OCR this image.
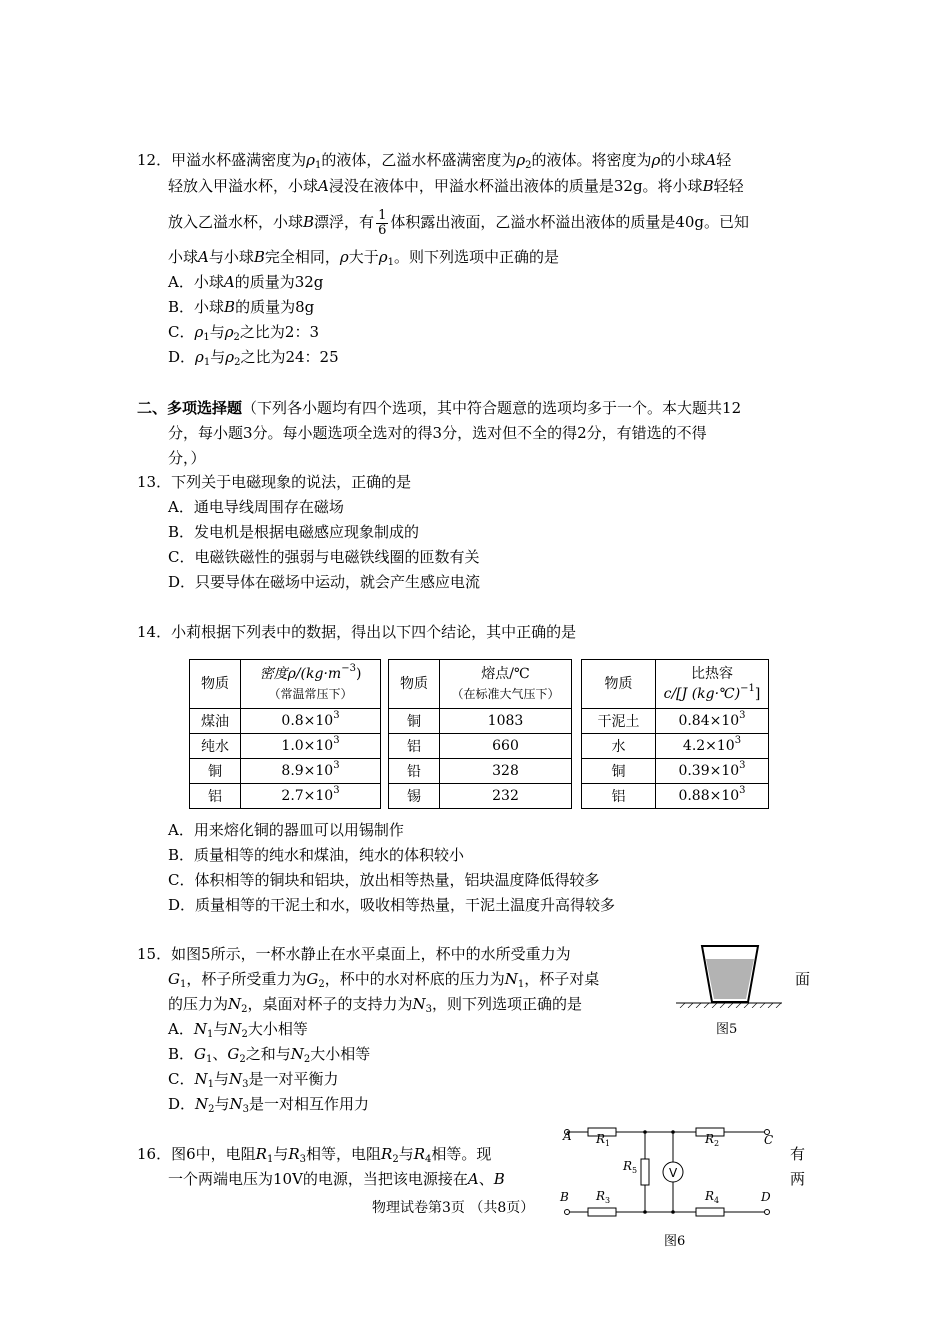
12．甲溢水杯盛满密度为$\rho_1$的液体，乙溢水杯盛满密度为$\rho_2$的液体。将密度为ρ的小球A轻
轻放入甲溢水杯，小球A浸没在液体中，甲溢水杯溢出液体的质量是32g。将小球B轻轻
放入乙溢水杯，小球B漂浮，有 $\frac{1}{6}$ 体积露出液面，乙溢水杯溢出液体的质量是40g。已知
小球A与小球B完全相同，ρ大于$\rho_1$。则下列选项中正确的是
A．小球A的质量为32g
B．小球B的质量为8g
C．$\rho_1$与$\rho_2$之比为2：3
D．$\rho_1$与$\rho_2$之比为24：25
二、多项选择题（下列各小题均有四个选项，其中符合题意的选项均多于一个。本大题共12
分，每小题3分。每小题选项全选对的得3分，选对但不全的得2分，有错选的不得
分，）
13．下列关于电磁现象的说法，正确的是
A．通电导线周围存在磁场
B．发电机是根据电磁感应现象制成的
C．电磁铁磁性的强弱与电磁铁线圈的匝数有关
D．只要导体在磁场中运动，就会产生感应电流
14．小莉根据下列表中的数据，得出以下四个结论，其中正确的是
物质	密度$\rho/(kg\cdot m^{-3})$
（常温常压下）
煤油	$0.8\times 10^3$
纯水	$1.0\times 10^3$
铜	$8.9\times 10^3$
铝	$2.7\times 10^3$
物质	熔点/℃
（在标准大气压下）
铜	1083
铝	660
铅	328
锡	232
物质	比热容
c/[J (kg·℃)$^{-1}$]
干泥土	$0.84\times 10^3$
水	$4.2\times 10^3$
铜	$0.39\times 10^3$
铝	$0.88\times 10^3$
A．用来熔化铜的器皿可以用锡制作
B．质量相等的纯水和煤油，纯水的体积较小
C．体积相等的铜块和铝块，放出相等热量，铝块温度降低得较多
D．质量相等的干泥土和水，吸收相等热量，干泥土温度升高得较多
15．如图5所示，一杯水静止在水平桌面上，杯中的水所受重力为
$G_1$，杯子所受重力为$G_2$，杯中的水对杯底的压力为$N_1$，杯子对桌	面
的压力为$N_2$，桌面对杯子的支持力为$N_3$，则下列选项正确的是
A．$N_1$与$N_2$大小相等
B．$G_1$、$G_2$之和与$N_2$大小相等
C．$N_1$与$N_3$是一对平衡力
D．$N_2$与$N_3$是一对相互作用力
图5
16．图6中，电阻$R_1$与$R_3$相等，电阻$R_2$与$R_4$相等。现
一个两端电压为10V的电源，当把该电源接在A、B
有
两
A	C
B	D
$R_1$	$R_2$
$R_3$	$R_4$
$R_5$	V
图6
物理试卷第3页 （共8页）
